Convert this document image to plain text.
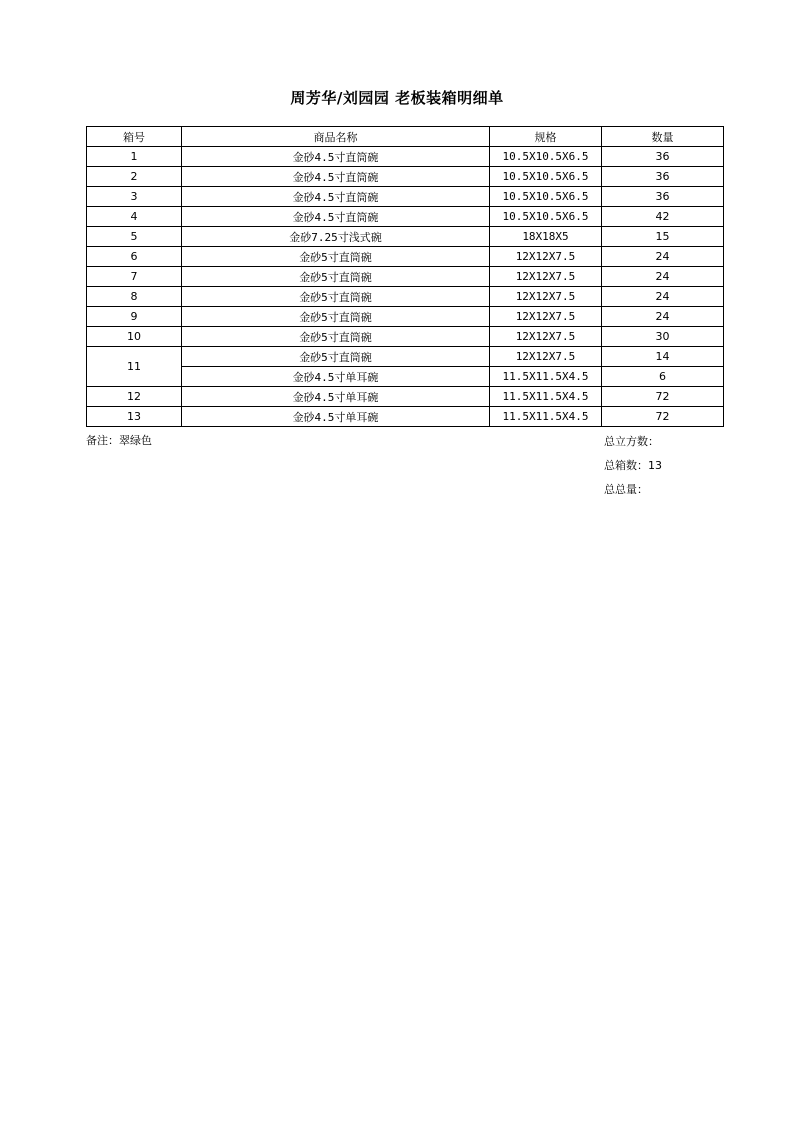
周芳华/刘园园 老板装箱明细单
箱号	商品名称	规格	数量
1	金砂4.5寸直筒碗	10.5X10.5X6.5	36
2	金砂4.5寸直筒碗	10.5X10.5X6.5	36
3	金砂4.5寸直筒碗	10.5X10.5X6.5	36
4	金砂4.5寸直筒碗	10.5X10.5X6.5	42
5	金砂7.25寸浅式碗	18X18X5	15
6	金砂5寸直筒碗	12X12X7.5	24
7	金砂5寸直筒碗	12X12X7.5	24
8	金砂5寸直筒碗	12X12X7.5	24
9	金砂5寸直筒碗	12X12X7.5	24
10	金砂5寸直筒碗	12X12X7.5	30
11	金砂5寸直筒碗	12X12X7.5	14
	金砂4.5寸单耳碗	11.5X11.5X4.5	6
12	金砂4.5寸单耳碗	11.5X11.5X4.5	72
13	金砂4.5寸单耳碗	11.5X11.5X4.5	72
备注：翠绿色	总立方数：
总箱数：13
总总量：
